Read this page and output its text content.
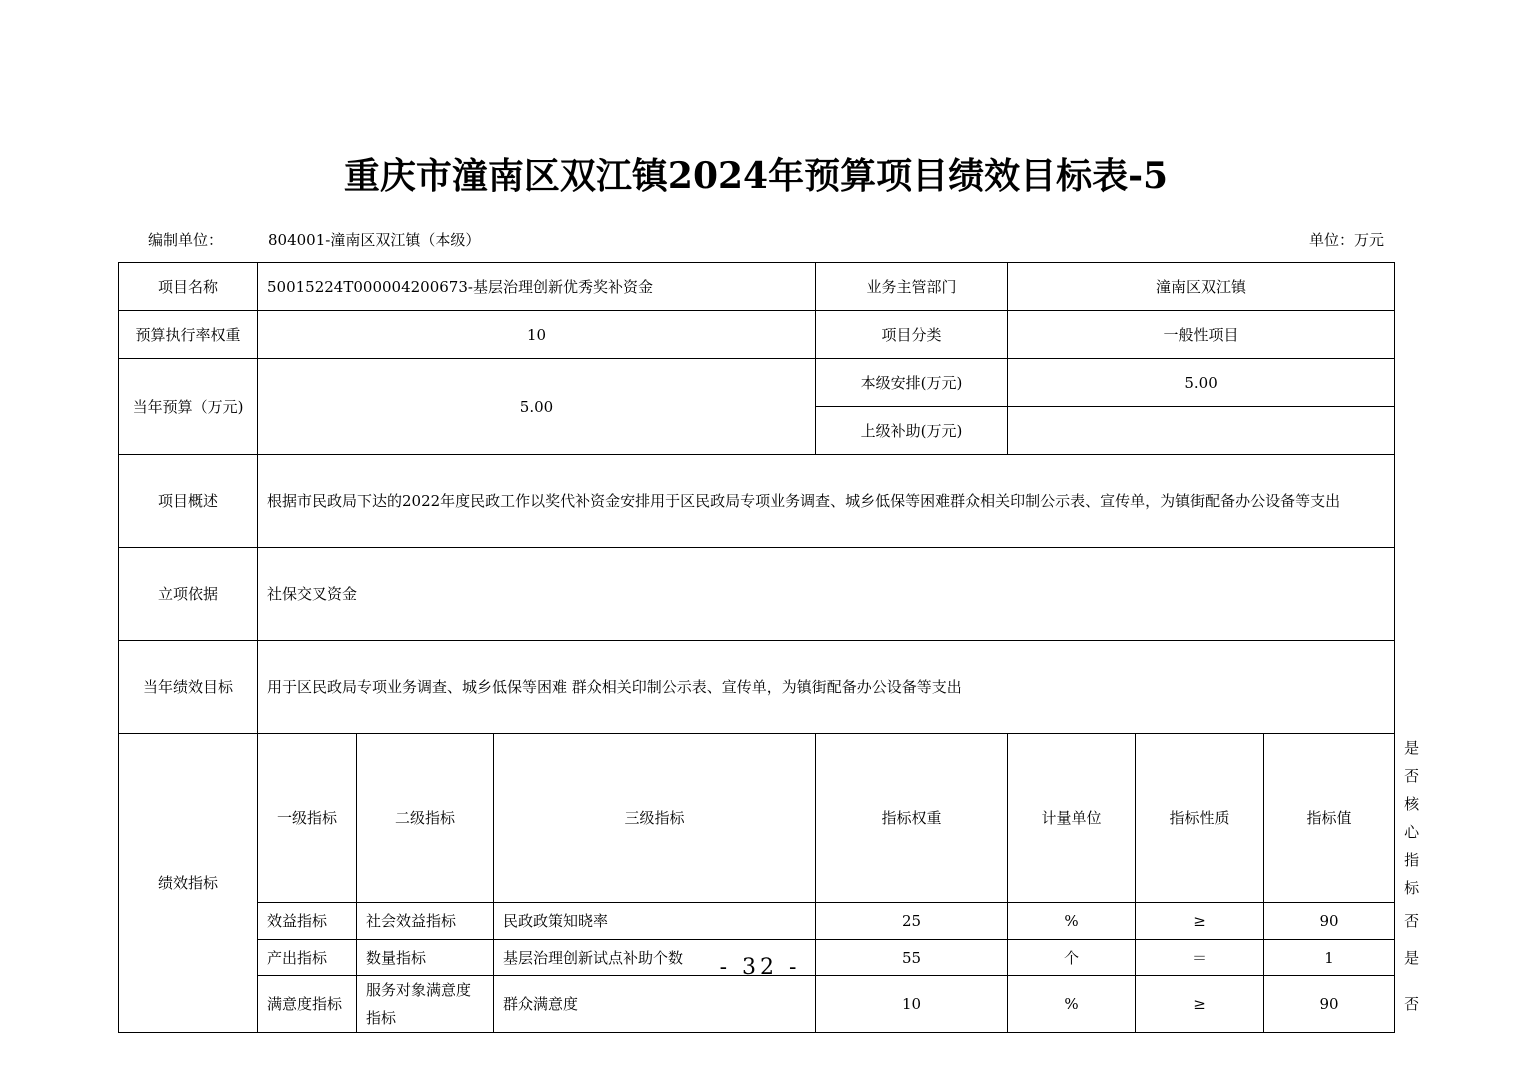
重庆市潼南区双江镇2024年预算项目绩效目标表-5
编制单位：	804001-潼南区双江镇（本级）	单位：万元
项目名称	50015224T000004200673-基层治理创新优秀奖补资金			业务主管部门	潼南区双江镇			
预算执行率权重	10			项目分类	一般性项目			
当年预算（万元)	5.00			本级安排(万元)	5.00			
				上级补助(万元)				
项目概述	根据市民政局下达的2022年度民政工作以奖代补资金安排用于区民政局专项业务调查、城乡低保等困难群众相关印制公示表、宣传单，为镇街配备办公设备等支出							
立项依据	社保交叉资金							
当年绩效目标	用于区民政局专项业务调查、城乡低保等困难 群众相关印制公示表、宣传单，为镇街配备办公设备等支出							
绩效指标	一级指标	二级指标	三级指标	指标权重	计量单位	指标性质	指标值	是否核心指标
	效益指标	社会效益指标	民政政策知晓率	25	%	≥	90	否
	产出指标	数量指标	基层治理创新试点补助个数	55	个	＝	1	是
	满意度指标	服务对象满意度指标	群众满意度	10	%	≥	90	否
- 32 -
